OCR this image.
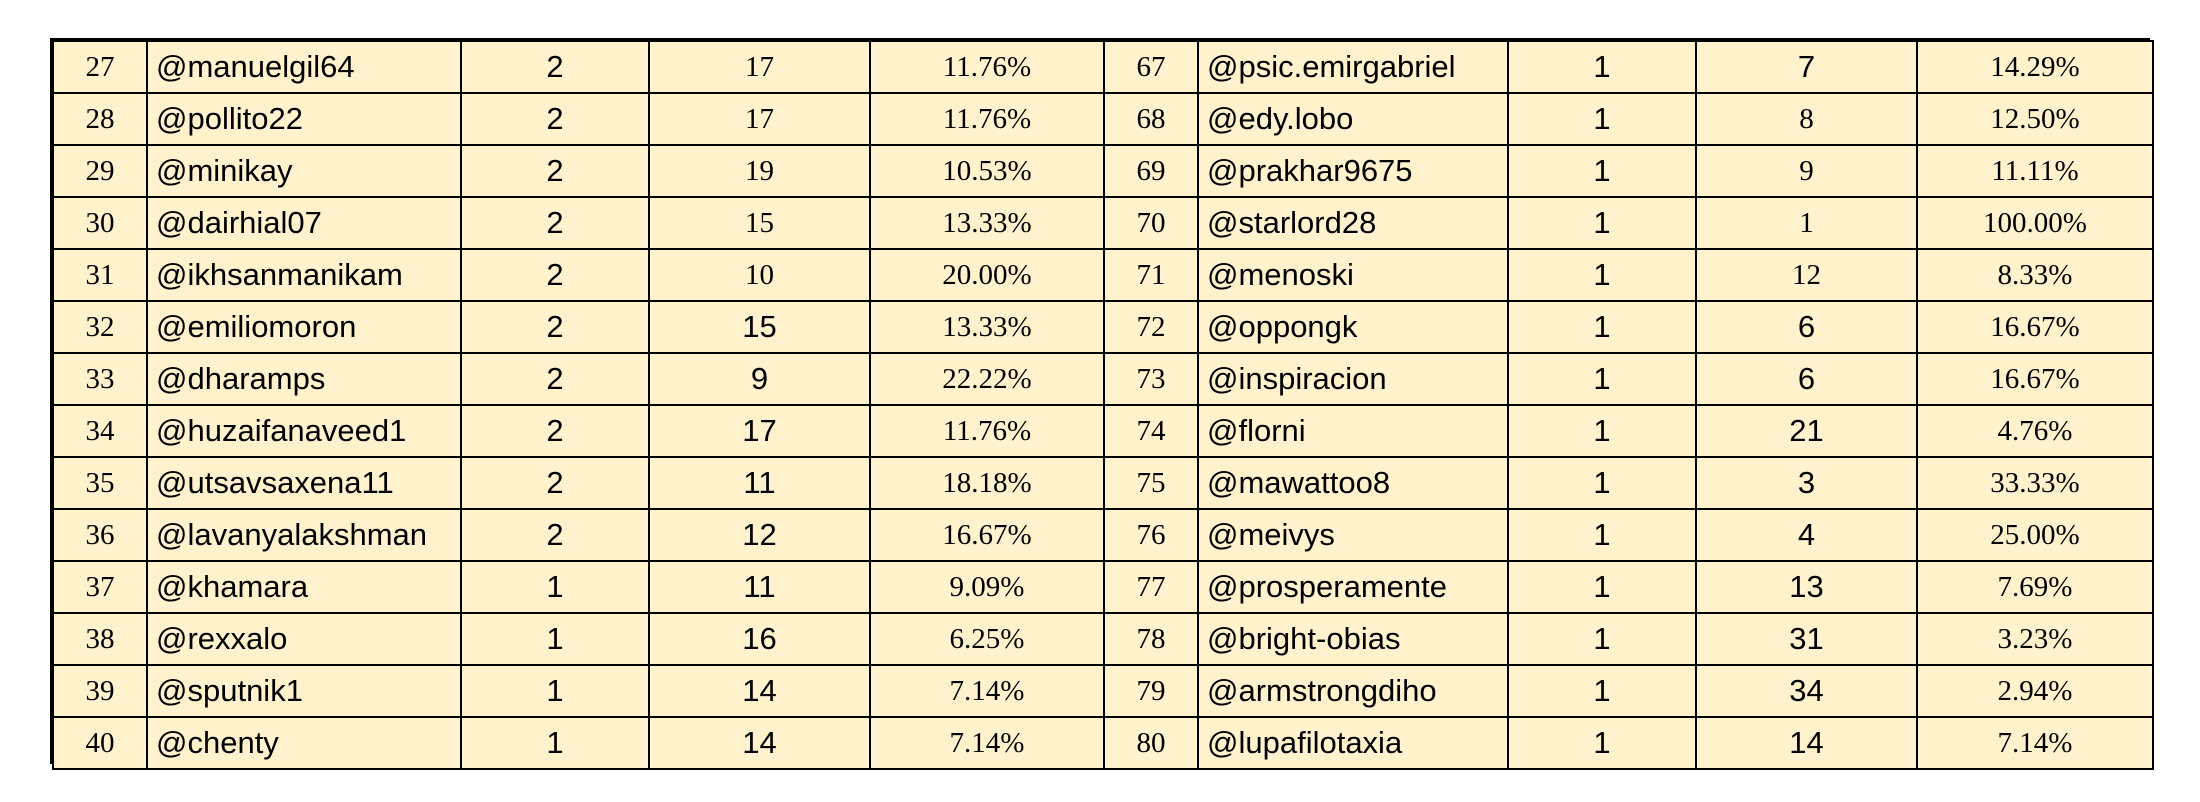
27	@manuelgil64	2	17	11.76%	67	@psic.emirgabriel	1	7	14.29%
28	@pollito22	2	17	11.76%	68	@edy.lobo	1	8	12.50%
29	@minikay	2	19	10.53%	69	@prakhar9675	1	9	11.11%
30	@dairhial07	2	15	13.33%	70	@starlord28	1	1	100.00%
31	@ikhsanmanikam	2	10	20.00%	71	@menoski	1	12	8.33%
32	@emiliomoron	2	15	13.33%	72	@oppongk	1	6	16.67%
33	@dharamps	2	9	22.22%	73	@inspiracion	1	6	16.67%
34	@huzaifanaveed1	2	17	11.76%	74	@florni	1	21	4.76%
35	@utsavsaxena11	2	11	18.18%	75	@mawattoo8	1	3	33.33%
36	@lavanyalakshman	2	12	16.67%	76	@meivys	1	4	25.00%
37	@khamara	1	11	9.09%	77	@prosperamente	1	13	7.69%
38	@rexxalo	1	16	6.25%	78	@bright-obias	1	31	3.23%
39	@sputnik1	1	14	7.14%	79	@armstrongdiho	1	34	2.94%
40	@chenty	1	14	7.14%	80	@lupafilotaxia	1	14	7.14%
